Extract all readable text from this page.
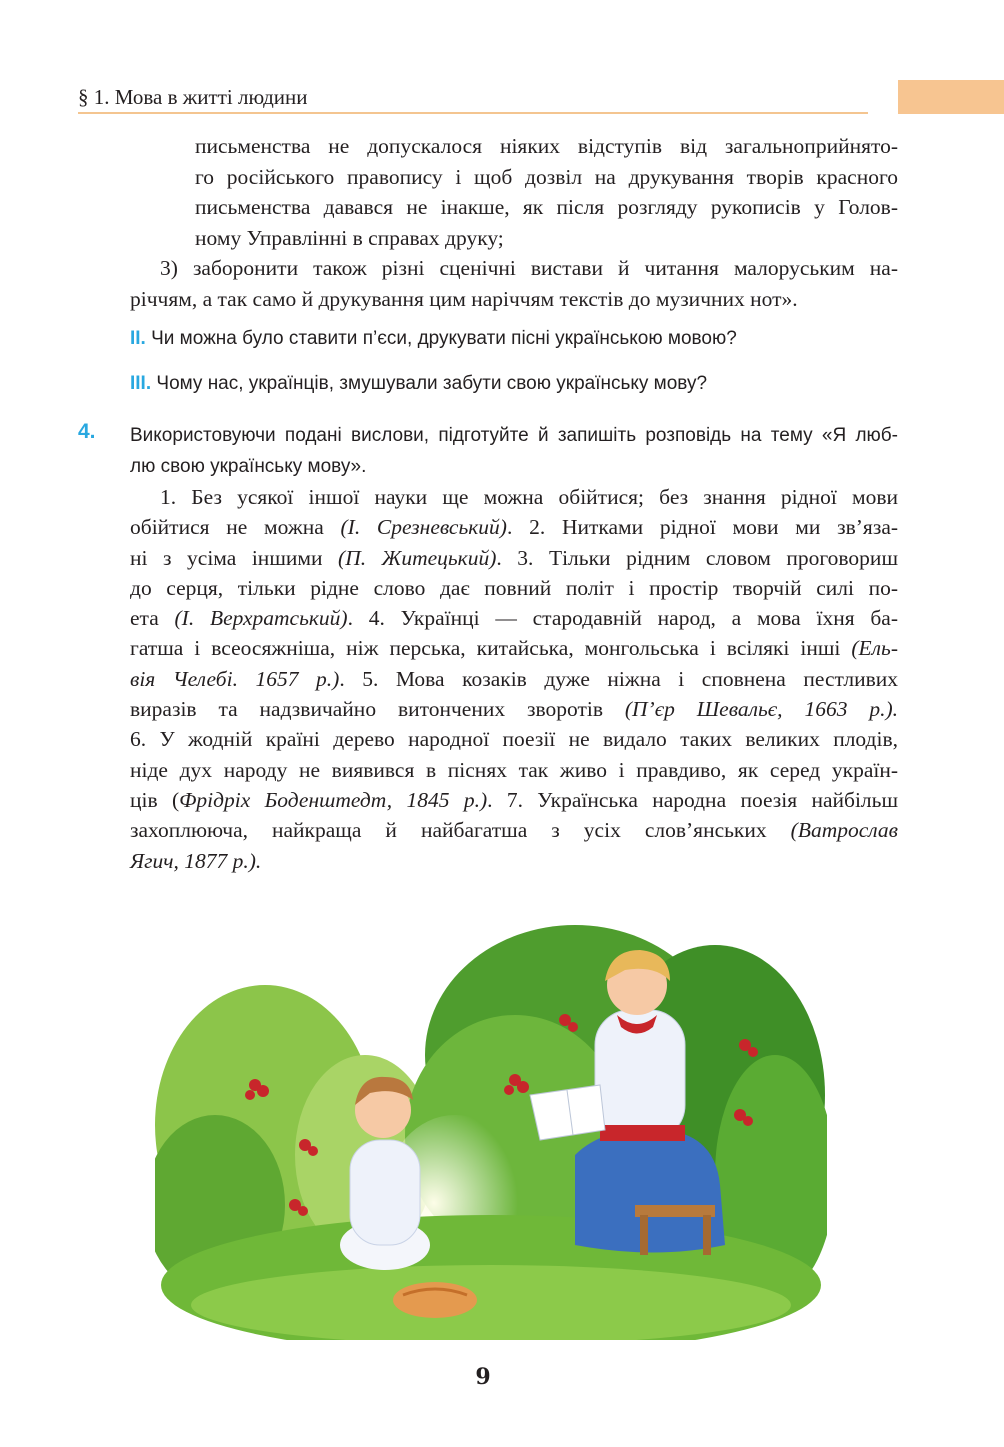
§ 1. Мова в житті людини
письменства не допускалося ніяких відступів від загальноприйнято-
го російського правопису і щоб дозвіл на друкування творів красного
письменства давався не інакше, як після розгляду рукописів у Голов-
ному Управлінні в справах друку;
3) заборонити також різні сценічні вистави й читання малоруським на-
річчям, а так само й друкування цим наріччям текстів до музичних нот».
II. Чи можна було ставити п’єси, друкувати пісні українською мовою?
III. Чому нас, українців, змушували забути свою українську мову?
4. Використовуючи подані вислови, підготуйте й запишіть розповідь на тему «Я люб-
лю свою українську мову».
1. Без усякої іншої науки ще можна обійтися; без знання рідної мови
обійтися не можна (І. Срезневський). 2. Нитками рідної мови ми зв’яза-
ні з усіма іншими (П. Житецький). 3. Тільки рідним словом проговориш
до серця, тільки рідне слово дає повний політ і простір творчій силі по-
ета (І. Верхратський). 4. Українці — стародавній народ, а мова їхня ба-
гатша і всеосяжніша, ніж перська, китайська, монгольська і всілякі інші (Ель-
вія Челебі. 1657 р.). 5. Мова козаків дуже ніжна і сповнена пестливих
виразів та надзвичайно витончених зворотів (П’єр Шевальє, 1663 р.).
6. У жодній країні дерево народної поезії не видало таких великих плодів,
ніде дух народу не виявився в піснях так живо і правдиво, як серед україн-
ців (Фрідріх Боденштедт, 1845 р.). 7. Українська народна поезія найбільш
захоплююча, найкраща й найбагатша з усіх слов’янських (Ватрослав
Ягич, 1877 р.).
9
